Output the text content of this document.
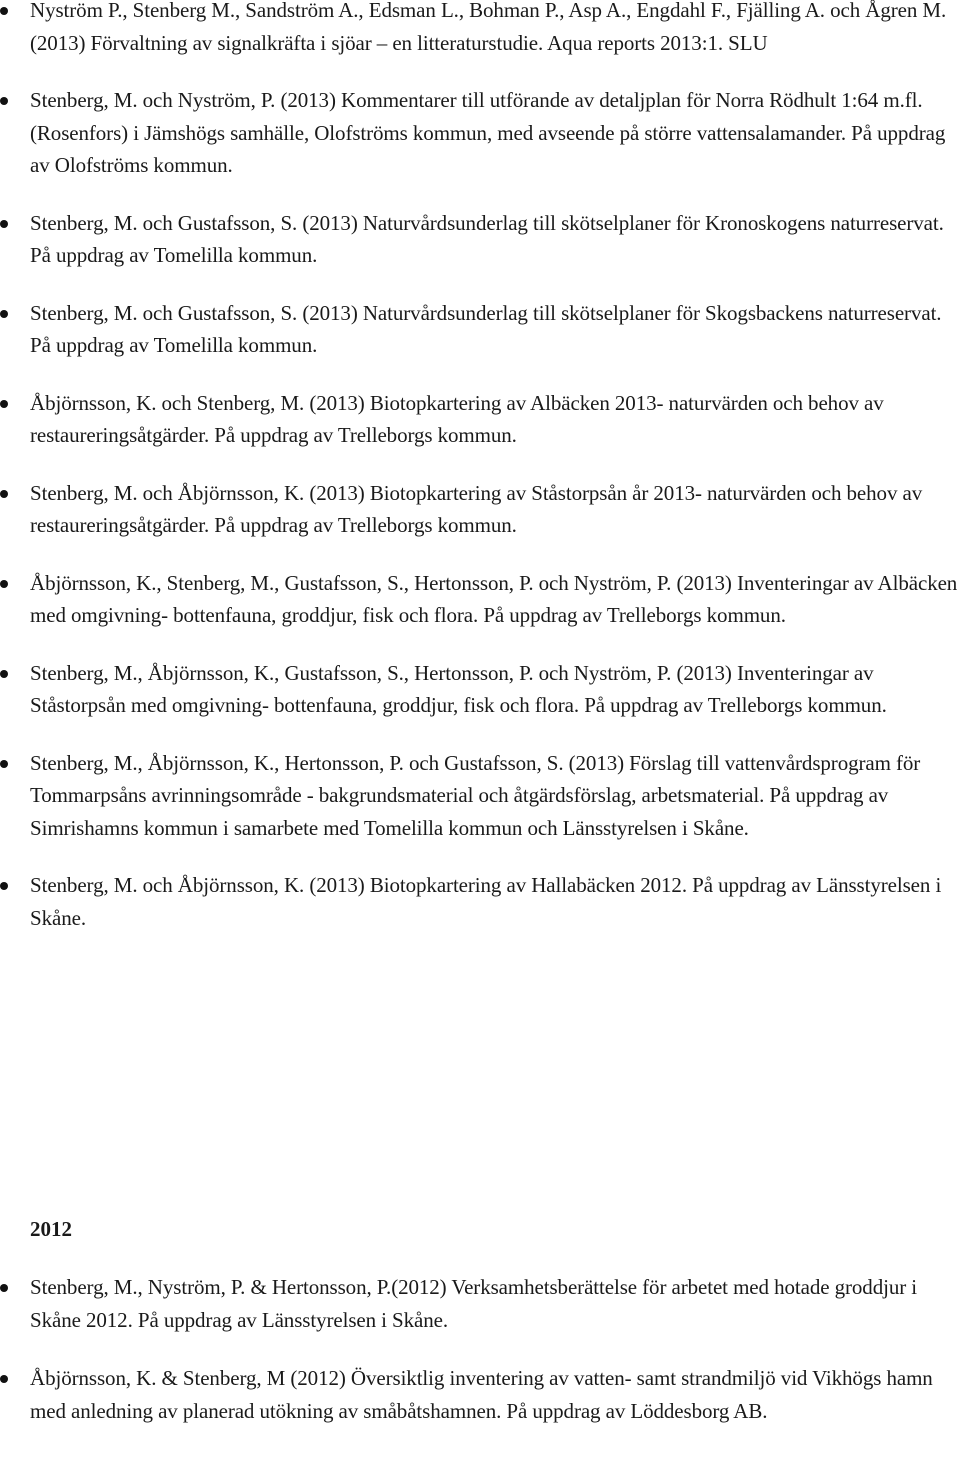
Nyström P., Stenberg M., Sandström A., Edsman L., Bohman P., Asp A., Engdahl F., Fjälling A. och Ågren M. (2013) Förvaltning av signalkräfta i sjöar – en litteraturstudie. Aqua reports 2013:1. SLU
Stenberg, M. och Nyström, P. (2013) Kommentarer till utförande av detaljplan för Norra Rödhult 1:64 m.fl. (Rosenfors) i Jämshögs samhälle, Olofströms kommun, med avseende på större vattensalamander. På uppdrag av Olofströms kommun.
Stenberg, M. och Gustafsson, S. (2013) Naturvårdsunderlag till skötselplaner för Kronoskogens naturreservat. På uppdrag av Tomelilla kommun.
Stenberg, M. och Gustafsson, S. (2013) Naturvårdsunderlag till skötselplaner för Skogsbackens naturreservat. På uppdrag av Tomelilla kommun.
Åbjörnsson, K. och Stenberg, M. (2013) Biotopkartering av Albäcken 2013- naturvärden och behov av restaureringsåtgärder. På uppdrag av Trelleborgs kommun.
Stenberg, M. och Åbjörnsson, K. (2013) Biotopkartering av Ståstorpsån år 2013- naturvärden och behov av restaureringsåtgärder. På uppdrag av Trelleborgs kommun.
Åbjörnsson, K., Stenberg, M., Gustafsson, S., Hertonsson, P. och Nyström, P. (2013) Inventeringar av Albäcken med omgivning- bottenfauna, groddjur, fisk och flora. På uppdrag av Trelleborgs kommun.
Stenberg, M., Åbjörnsson, K., Gustafsson, S., Hertonsson, P. och Nyström, P. (2013) Inventeringar av Ståstorpsån med omgivning- bottenfauna, groddjur, fisk och flora. På uppdrag av Trelleborgs kommun.
Stenberg, M., Åbjörnsson, K., Hertonsson, P. och Gustafsson, S. (2013) Förslag till vattenvårdsprogram för Tommarpsåns avrinningsområde - bakgrundsmaterial och åtgärdsförslag, arbetsmaterial. På uppdrag av Simrishamns kommun i samarbete med Tomelilla kommun och Länsstyrelsen i Skåne.
Stenberg, M. och Åbjörnsson, K. (2013) Biotopkartering av Hallabäcken 2012. På uppdrag av Länsstyrelsen i Skåne.
2012
Stenberg, M., Nyström, P. & Hertonsson, P.(2012) Verksamhetsberättelse för arbetet med hotade groddjur i Skåne 2012. På uppdrag av Länsstyrelsen i Skåne.
Åbjörnsson, K. & Stenberg, M (2012) Översiktlig inventering av vatten- samt strandmiljö vid Vikhögs hamn med anledning av planerad utökning av småbåtshamnen. På uppdrag av Löddesborg AB.
